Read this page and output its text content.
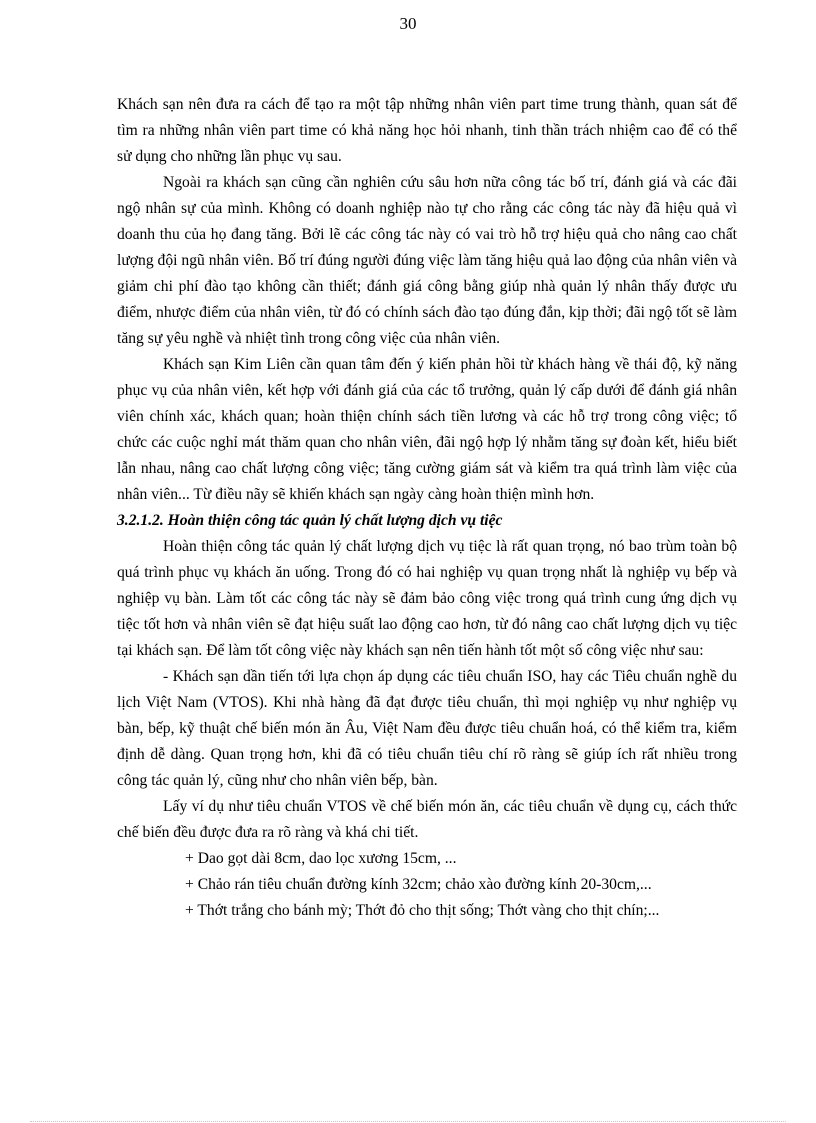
30

Khách sạn nên đưa ra cách để tạo ra một tập những nhân viên part time trung thành, quan sát để tìm ra những nhân viên part time có khả năng học hỏi nhanh, tinh thần trách nhiệm cao để có thể sử dụng cho những lần phục vụ sau.

Ngoài ra khách sạn cũng cần nghiên cứu sâu hơn nữa công tác bố trí, đánh giá và các đãi ngộ nhân sự của mình. Không có doanh nghiệp nào tự cho rằng các công tác này đã hiệu quả vì doanh thu của họ đang tăng. Bởi lẽ các công tác này có vai trò hỗ trợ hiệu quả cho nâng cao chất lượng đội ngũ nhân viên. Bố trí đúng người đúng việc làm tăng hiệu quả lao động của nhân viên và giảm chi phí đào tạo không cần thiết; đánh giá công bằng giúp nhà quản lý nhân thấy được ưu điểm, nhược điểm của nhân viên, từ đó có chính sách đào tạo đúng đắn, kịp thời; đãi ngộ tốt sẽ làm tăng sự yêu nghề và nhiệt tình trong công việc của nhân viên.

Khách sạn Kim Liên cần quan tâm đến ý kiến phản hồi từ khách hàng về thái độ, kỹ năng phục vụ của nhân viên, kết hợp với đánh giá của các tổ trưởng, quản lý cấp dưới để đánh giá nhân viên chính xác, khách quan; hoàn thiện chính sách tiền lương và các hỗ trợ trong công việc; tổ chức các cuộc nghỉ mát thăm quan cho nhân viên, đãi ngộ hợp lý nhằm tăng sự đoàn kết, hiểu biết lẫn nhau, nâng cao chất lượng công việc; tăng cường giám sát và kiểm tra quá trình làm việc của nhân viên... Từ điều nãy sẽ khiến khách sạn ngày càng hoàn thiện mình hơn.

3.2.1.2. Hoàn thiện công tác quản lý chất lượng dịch vụ tiệc

Hoàn thiện công tác quản lý chất lượng dịch vụ tiệc là rất quan trọng, nó bao trùm toàn bộ quá trình phục vụ khách ăn uống. Trong đó có hai nghiệp vụ quan trọng nhất là nghiệp vụ bếp và nghiệp vụ bàn. Làm tốt các công tác này sẽ đảm bảo công việc trong quá trình cung ứng dịch vụ tiệc tốt hơn và nhân viên sẽ đạt hiệu suất lao động cao hơn, từ đó nâng cao chất lượng dịch vụ tiệc tại khách sạn. Để làm tốt công việc này khách sạn nên tiến hành tốt một số công việc như sau:

- Khách sạn dần tiến tới lựa chọn áp dụng các tiêu chuẩn ISO, hay các Tiêu chuẩn nghề du lịch Việt Nam (VTOS). Khi nhà hàng đã đạt được tiêu chuẩn, thì mọi nghiệp vụ như nghiệp vụ bàn, bếp, kỹ thuật chế biến món ăn Âu, Việt Nam đều được tiêu chuẩn hoá, có thể kiểm tra, kiểm định dễ dàng. Quan trọng hơn, khi đã có tiêu chuẩn tiêu chí rõ ràng sẽ giúp ích rất nhiều trong công tác quản lý, cũng như cho nhân viên bếp, bàn.

Lấy ví dụ như tiêu chuẩn VTOS về chế biến món ăn, các tiêu chuẩn về dụng cụ, cách thức chế biến đều được đưa ra rõ ràng và khá chi tiết.

+ Dao gọt dài 8cm, dao lọc xương 15cm, ...

+ Chảo rán tiêu chuẩn đường kính 32cm; chảo xào đường kính 20-30cm,...

+ Thớt trắng cho bánh mỳ; Thớt đỏ cho thịt sống; Thớt vàng cho thịt chín;...
